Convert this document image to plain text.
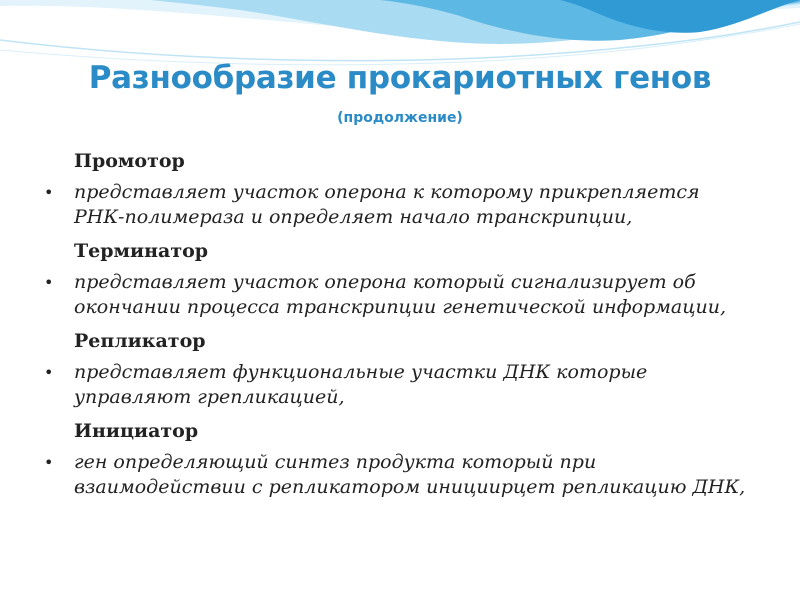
Разнообразие прокариотных генов
(продолжение)
Промотор
•	представляет участок оперона к которому прикрепляется РНК-полимераза и определяет начало транскрипции,
Терминатор
•	представляет участок оперона который сигнализирует об окончании процесса транскрипции генетической информации,
Репликатор
•	представляет функциональные участки ДНК которые управляют грепликацией,
Инициатор
•	ген определяющий синтез продукта который при взаимодействии с репликатором инициирцет репликацию ДНК,
